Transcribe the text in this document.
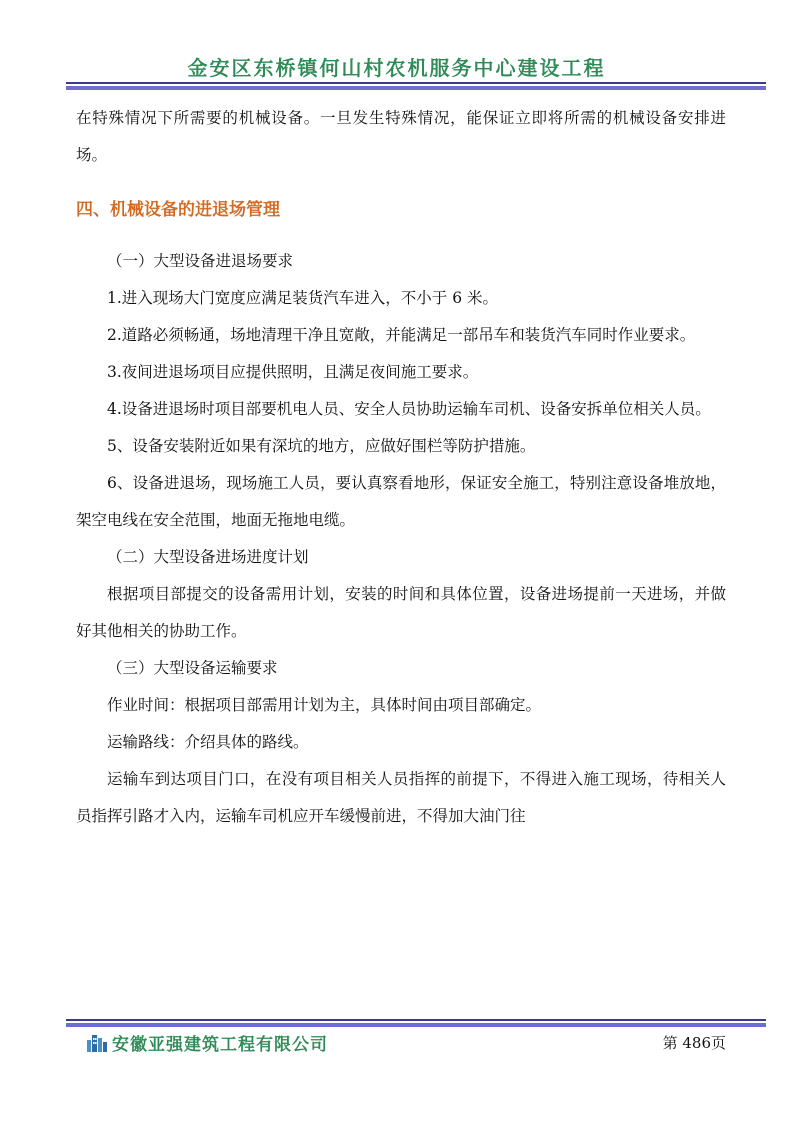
金安区东桥镇何山村农机服务中心建设工程

在特殊情况下所需要的机械设备。一旦发生特殊情况，能保证立即将所需的机械设备安排进场。

四、机械设备的进退场管理

（一）大型设备进退场要求

1.进入现场大门宽度应满足装货汽车进入，不小于 6 米。

2.道路必须畅通，场地清理干净且宽敞，并能满足一部吊车和装货汽车同时作业要求。

3.夜间进退场项目应提供照明，且满足夜间施工要求。

4.设备进退场时项目部要机电人员、安全人员协助运输车司机、设备安拆单位相关人员。

5、设备安装附近如果有深坑的地方，应做好围栏等防护措施。

6、设备进退场，现场施工人员，要认真察看地形，保证安全施工，特别注意设备堆放地，架空电线在安全范围，地面无拖地电缆。

（二）大型设备进场进度计划

根据项目部提交的设备需用计划，安装的时间和具体位置，设备进场提前一天进场，并做好其他相关的协助工作。

（三）大型设备运输要求

作业时间：根据项目部需用计划为主，具体时间由项目部确定。

运输路线：介绍具体的路线。

运输车到达项目门口，在没有项目相关人员指挥的前提下，不得进入施工现场，待相关人员指挥引路才入内，运输车司机应开车缓慢前进，不得加大油门往

安徽亚强建筑工程有限公司	第 486页
